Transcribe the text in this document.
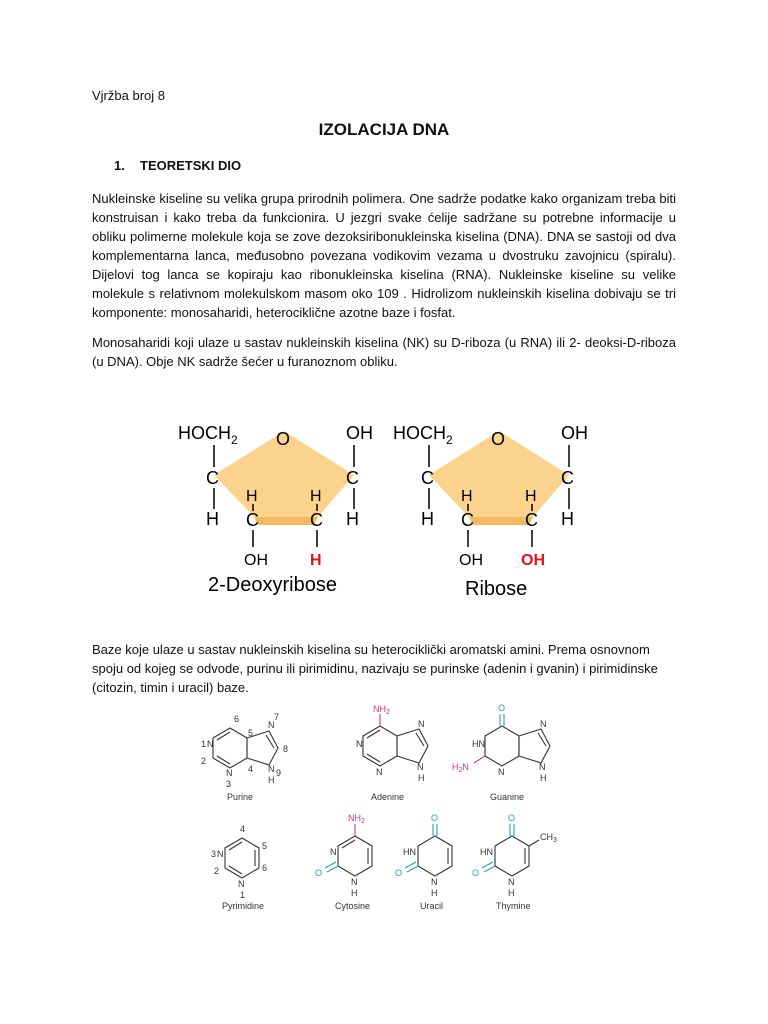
Vjržba broj 8
IZOLACIJA DNA
1. TEORETSKI DIO
Nukleinske kiseline su velika grupa prirodnih polimera. One sadrže podatke kako organizam treba biti konstruisan i kako treba da funkcionira. U jezgri svake ćelije sadržane su potrebne informacije u obliku polimerne molekule koja se zove dezoksiribonukleinska kiselina (DNA). DNA se sastoji od dva komplementarna lanca, međusobno povezana vodikovim vezama u dvostruku zavojnicu (spiralu). Dijelovi tog lanca se kopiraju kao ribonukleinska kiselina (RNA). Nukleinske kiseline su velike molekule s relativnom molekulskom masom oko 109 . Hidrolizom nukleinskih kiselina dobivaju se tri komponente: monosaharidi, heterociklične azotne baze i fosfat.
Monosaharidi koji ulaze u sastav nukleinskih kiselina (NK) su D-riboza (u RNA) ili 2- deoksi-D-riboza (u DNA). Obje NK sadrže šećer u furanoznom obliku.
$HOCH_2$ O
C
H
OH
C
H
H
C
OH
H
C
H
2-Deoxyribose
$HOCH_2$ O
C
H
OH
C
H
H
C
OH
H
C
OH
Ribose
Baze koje ulaze u sastav nukleinskih kiselina su heterociklički aromatski amini. Prema osnovnom spoju od kojeg se odvode, purinu ili pirimidinu, nazivaju se purinske (adenin i gvanin) i pirimidinske (citozin, timin i uracil) baze.
6
1 N
2
N
3
4
5
N
7
8
N 9
H
Purine
$NH_2$
N
N
N
N
H
Adenine
O
HN
$H_2N$	N
N
N
H
Guanine
4
3 N
5
6
2
N
1
Pyrimidine
$NH_2$
N
O
N
H
Cytosine
O
HN
O
N
H
Uracil
O
$CH_3$
HN
O
N
H
Thymine
